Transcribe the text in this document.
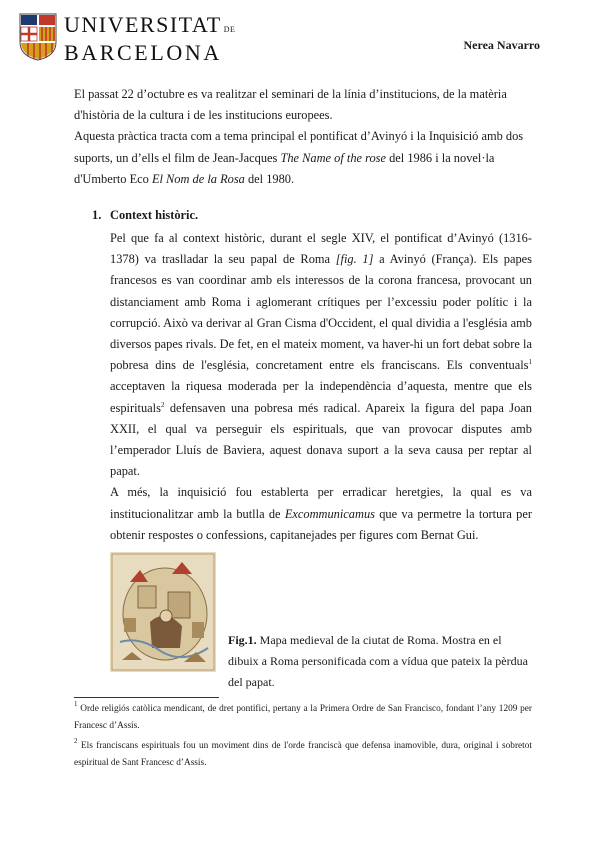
UNIVERSITAT DE
BARCELONA	Nerea Navarro

El passat 22 d’octubre es va realitzar el seminari de la línia d’institucions, de la matèria d'història de la cultura i de les institucions europees.

Aquesta pràctica tracta com a tema principal el pontificat d’Avinyó i la Inquisició amb dos suports, un d’ells el film de Jean-Jacques The Name of the rose del 1986 i la novel·la d'Umberto Eco El Nom de la Rosa del 1980.

1. Context històric.

Pel que fa al context històric, durant el segle XIV, el pontificat d’Avinyó (1316-1378) va traslladar la seu papal de Roma [fig. 1] a Avinyó (França). Els papes francesos es van coordinar amb els interessos de la corona francesa, provocant un distanciament amb Roma i aglomerant crítiques per l’excessiu poder polític i la corrupció. Això va derivar al Gran Cisma d'Occident, el qual dividia a l'església amb diversos papes rivals. De fet, en el mateix moment, va haver-hi un fort debat sobre la pobresa dins de l'església, concretament entre els franciscans. Els conventuals$^1$ acceptaven la riquesa moderada per la independència d’aquesta, mentre que els espirituals$^2$ defensaven una pobresa més radical. Apareix la figura del papa Joan XXII, el qual va perseguir els espirituals, que van provocar disputes amb l’emperador Lluís de Baviera, aquest donava suport a la seva causa per reptar al papat.

A més, la inquisició fou establerta per erradicar heretgies, la qual es va institucionalitzar amb la butlla de Excommunicamus que va permetre la tortura per obtenir respostes o confessions, capitanejades per figures com Bernat Gui.

Fig.1. Mapa medieval de la ciutat de Roma. Mostra en el dibuix a Roma personificada com a vídua que pateix la pèrdua del papat.

$^1$ Orde religiós catòlica mendicant, de dret pontifici, pertany a la Primera Ordre de San Francisco, fondant l’any 1209 per Francesc d’Assís.

$^2$ Els franciscans espirituals fou un moviment dins de l'orde franciscà que defensa inamovible, dura, original i sobretot espiritual de Sant Francesc d’Assís.
